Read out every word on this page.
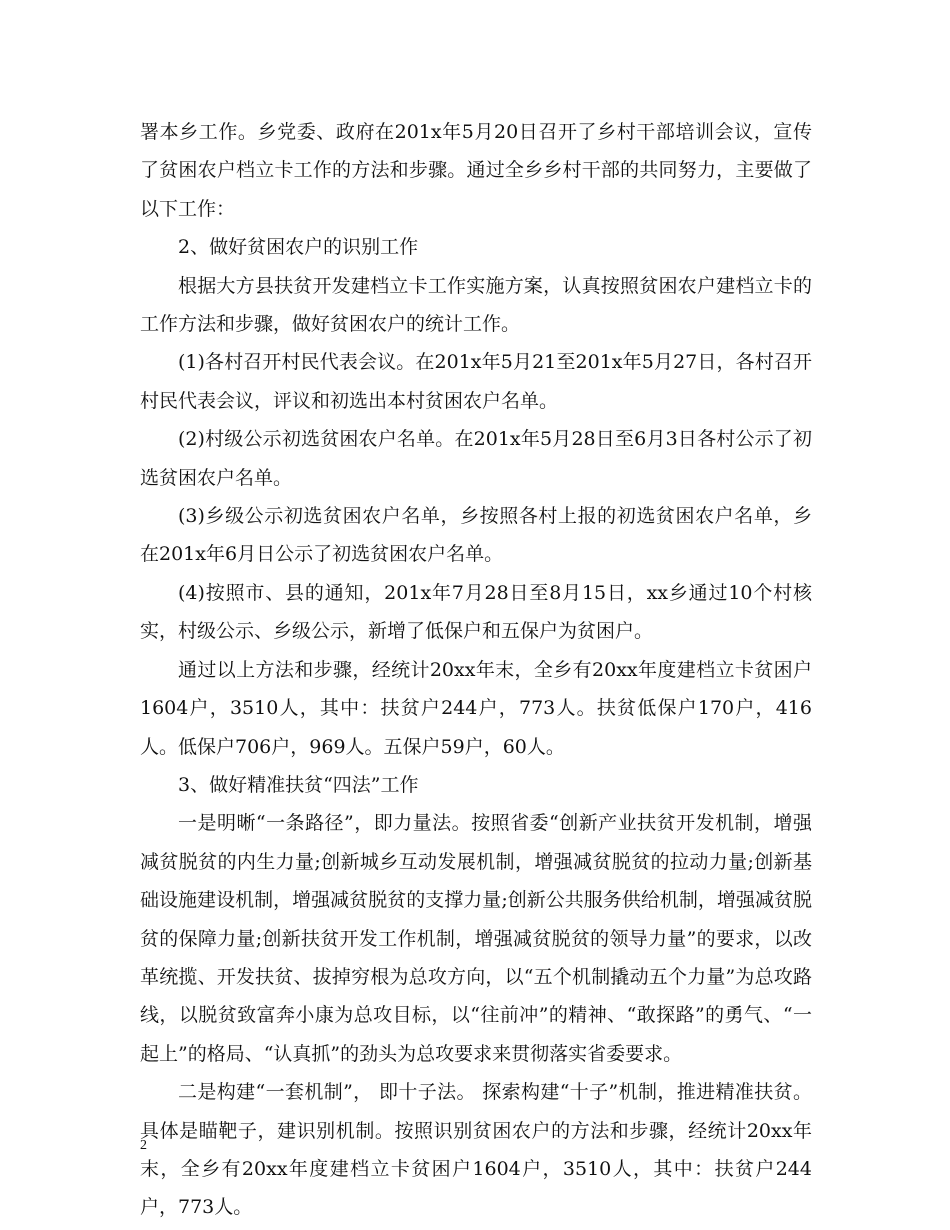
署本乡工作。乡党委、政府在201x年5月20日召开了乡村干部培训会议，宣传了贫困农户档立卡工作的方法和步骤。通过全乡乡村干部的共同努力，主要做了以下工作：

2、做好贫困农户的识别工作

根据大方县扶贫开发建档立卡工作实施方案，认真按照贫困农户建档立卡的工作方法和步骤，做好贫困农户的统计工作。

(1)各村召开村民代表会议。在201x年5月21至201x年5月27日，各村召开村民代表会议，评议和初选出本村贫困农户名单。

(2)村级公示初选贫困农户名单。在201x年5月28日至6月3日各村公示了初选贫困农户名单。

(3)乡级公示初选贫困农户名单，乡按照各村上报的初选贫困农户名单，乡在201x年6月日公示了初选贫困农户名单。

(4)按照市、县的通知，201x年7月28日至8月15日，xx乡通过10个村核实，村级公示、乡级公示，新增了低保户和五保户为贫困户。

通过以上方法和步骤，经统计20xx年末，全乡有20xx年度建档立卡贫困户1604户，3510人，其中：扶贫户244户，773人。扶贫低保户170户，416人。低保户706户，969人。五保户59户，60人。

3、做好精准扶贫“四法”工作

一是明晰“一条路径”，即力量法。按照省委“创新产业扶贫开发机制，增强减贫脱贫的内生力量;创新城乡互动发展机制，增强减贫脱贫的拉动力量;创新基础设施建设机制，增强减贫脱贫的支撑力量;创新公共服务供给机制，增强减贫脱贫的保障力量;创新扶贫开发工作机制，增强减贫脱贫的领导力量”的要求，以改革统揽、开发扶贫、拔掉穷根为总攻方向，以“五个机制撬动五个力量”为总攻路线，以脱贫致富奔小康为总攻目标，以“往前冲”的精神、“敢探路”的勇气、“一起上”的格局、“认真抓”的劲头为总攻要求来贯彻落实省委要求。

二是构建“一套机制”， 即十子法。 探索构建“十子”机制，推进精准扶贫。具体是瞄靶子，建识别机制。按照识别贫困农户的方法和步骤，经统计20xx年末，全乡有20xx年度建档立卡贫困户1604户，3510人，其中：扶贫户244户，773人。

2
